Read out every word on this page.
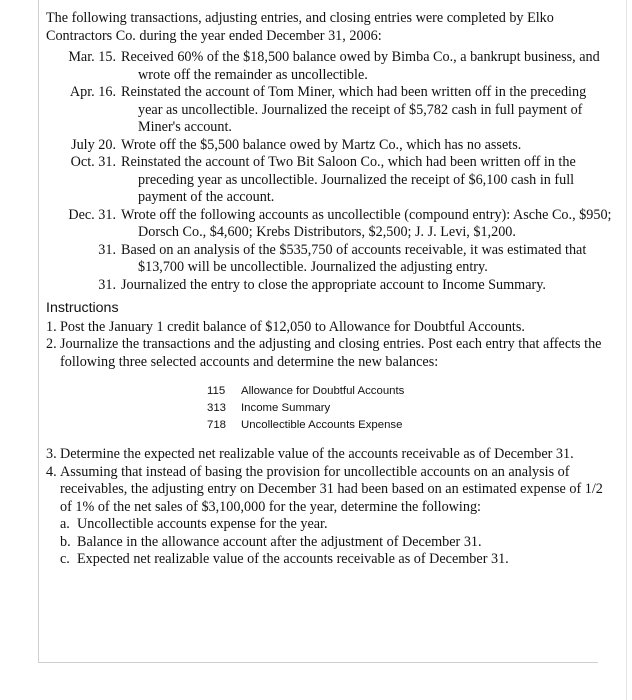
The following transactions, adjusting entries, and closing entries were completed by Elko Contractors Co. during the year ended December 31, 2006:

Mar. 15. Received 60% of the $18,500 balance owed by Bimba Co., a bankrupt business, and wrote off the remainder as uncollectible.
Apr. 16. Reinstated the account of Tom Miner, which had been written off in the preceding year as uncollectible. Journalized the receipt of $5,782 cash in full payment of Miner's account.
July 20. Wrote off the $5,500 balance owed by Martz Co., which has no assets.
Oct. 31. Reinstated the account of Two Bit Saloon Co., which had been written off in the preceding year as uncollectible. Journalized the receipt of $6,100 cash in full payment of the account.
Dec. 31. Wrote off the following accounts as uncollectible (compound entry): Asche Co., $950; Dorsch Co., $4,600; Krebs Distributors, $2,500; J. J. Levi, $1,200.
31. Based on an analysis of the $535,750 of accounts receivable, it was estimated that $13,700 will be uncollectible. Journalized the adjusting entry.
31. Journalized the entry to close the appropriate account to Income Summary.
Instructions
1. Post the January 1 credit balance of $12,050 to Allowance for Doubtful Accounts.
2. Journalize the transactions and the adjusting and closing entries. Post each entry that affects the following three selected accounts and determine the new balances:
115	Allowance for Doubtful Accounts
313	Income Summary
718	Uncollectible Accounts Expense
3. Determine the expected net realizable value of the accounts receivable as of December 31.
4. Assuming that instead of basing the provision for uncollectible accounts on an analysis of receivables, the adjusting entry on December 31 had been based on an estimated expense of 1/2 of 1% of the net sales of $3,100,000 for the year, determine the following:
a. Uncollectible accounts expense for the year.
b. Balance in the allowance account after the adjustment of December 31.
c. Expected net realizable value of the accounts receivable as of December 31.
